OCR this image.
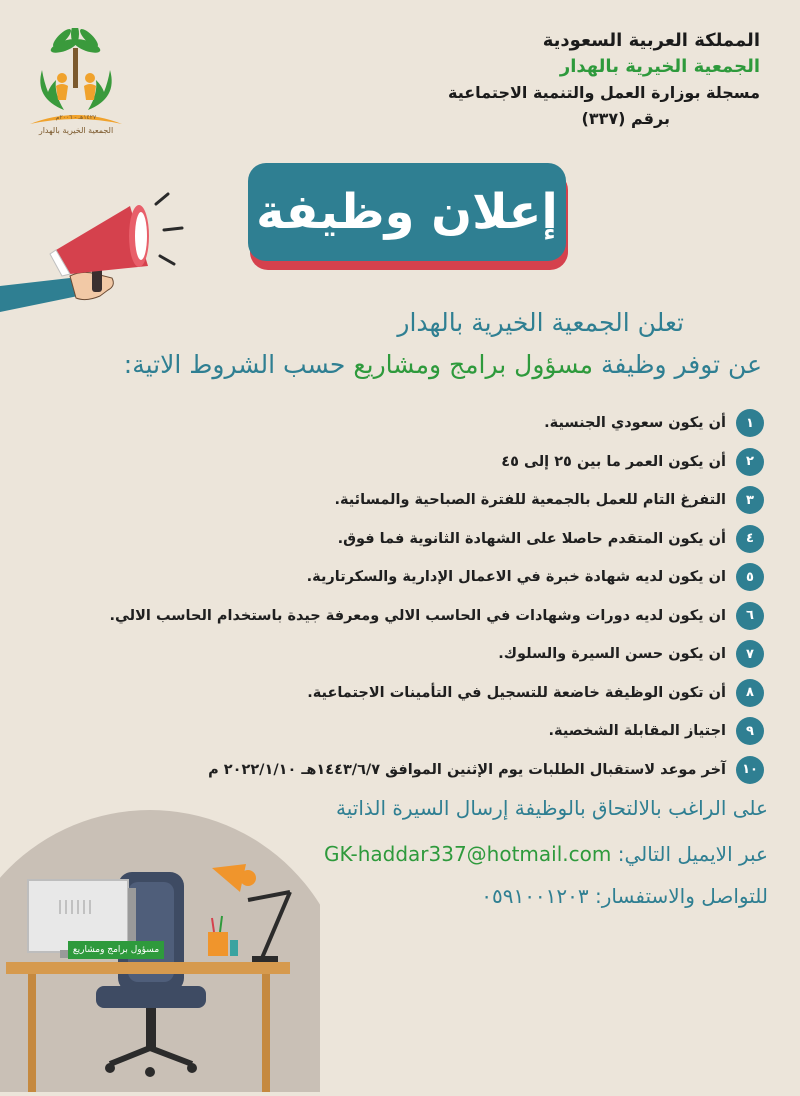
المملكة العربية السعودية
الجمعية الخيرية بالهدار
مسجلة بوزارة العمل والتنمية الاجتماعية
برقم (٣٣٧)
الجمعية الخيرية بالهدار
١٤٢٧هـ - ٢٠٠٦م
إعلان وظيفة
تعلن الجمعية الخيرية بالهدار
عن توفر وظيفة مسؤول برامج ومشاريع حسب الشروط الاتية:
١
أن يكون سعودي الجنسية.
٢
أن يكون العمر ما بين ٢٥ إلى ٤٥
٣
التفرغ التام للعمل بالجمعية للفترة الصباحية والمسائية.
٤
أن يكون المتقدم حاصلا على الشهادة الثانوية فما فوق.
٥
ان يكون لديه شهادة خبرة في الاعمال الإدارية والسكرتارية.
٦
ان يكون لديه دورات وشهادات في الحاسب الالي ومعرفة جيدة باستخدام الحاسب الالي.
٧
ان يكون حسن السيرة والسلوك.
٨
أن تكون الوظيفة خاضعة للتسجيل في التأمينات الاجتماعية.
٩
اجتياز المقابلة الشخصية.
١٠
آخر موعد لاستقبال الطلبات يوم الإثنين الموافق ١٤٤٣/٦/٧هـ ٢٠٢٢/١/١٠ م
مسؤول برامج ومشاريع
على الراغب بالالتحاق بالوظيفة إرسال السيرة الذاتية
عبر الايميل التالي: GK-haddar337@hotmail.com
للتواصل والاستفسار: ٠٥٩١٠٠١٢٠٣
